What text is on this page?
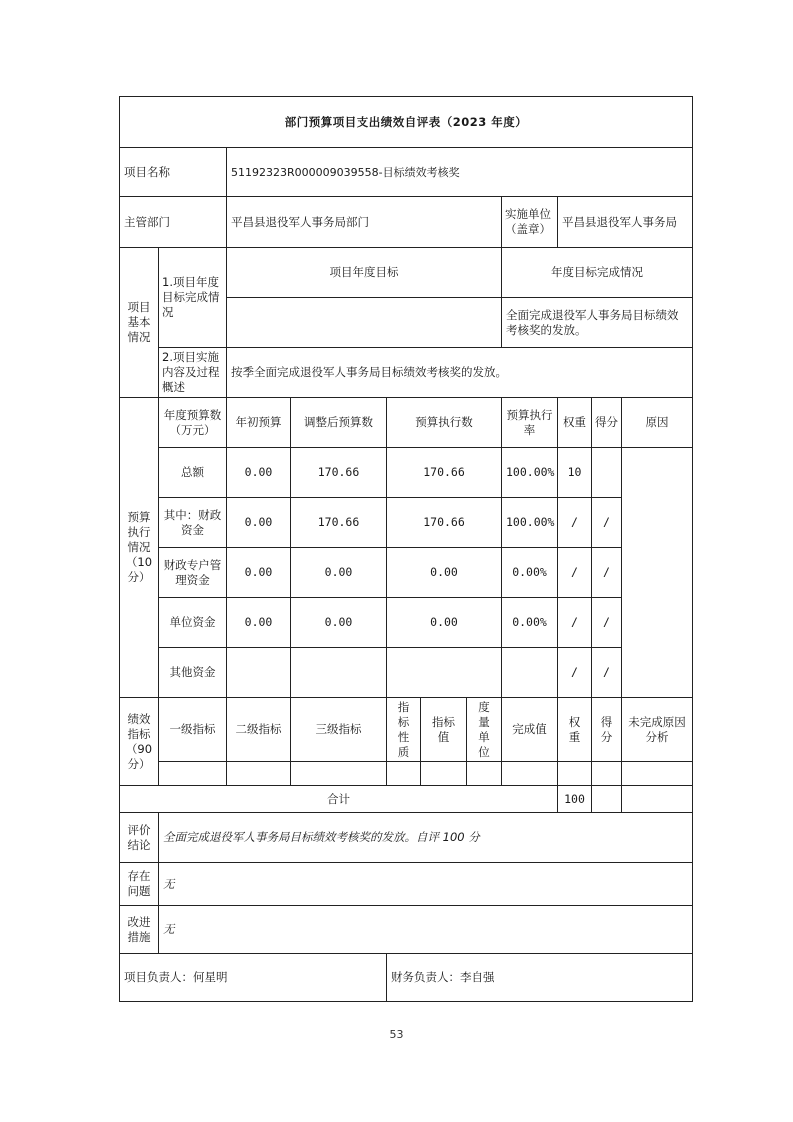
部门预算项目支出绩效自评表（2023 年度）										
项目名称		51192323R000009039558-目标绩效考核奖								
主管部门		平昌县退役军人事务局部门					实施单位（盖章）	平昌县退役军人事务局		
项目基本情况	1.项目年度目标完成情况	项目年度目标					年度目标完成情况			
							全面完成退役军人事务局目标绩效考核奖的发放。			
	2.项目实施内容及过程概述	按季全面完成退役军人事务局目标绩效考核奖的发放。								
预算执行情况（10分）	年度预算数（万元）	年初预算	调整后预算数	预算执行数			预算执行率	权重	得分	原因
	总额	0.00	170.66	170.66			100.00%	10		
	其中：财政资金	0.00	170.66	170.66			100.00%	/	/	
	财政专户管理资金	0.00	0.00	0.00			0.00%	/	/	
	单位资金	0.00	0.00	0.00			0.00%	/	/	
	其他资金							/	/	
绩效指标（90分）	一级指标	二级指标	三级指标	指标性质	指标值	度量单位	完成值	权重	得分	未完成原因分析

合计								100		
评价结论	全面完成退役军人事务局目标绩效考核奖的发放。自评 100 分									
存在问题	无									
改进措施	无									
项目负责人：何星明				财务负责人：李自强						
53
